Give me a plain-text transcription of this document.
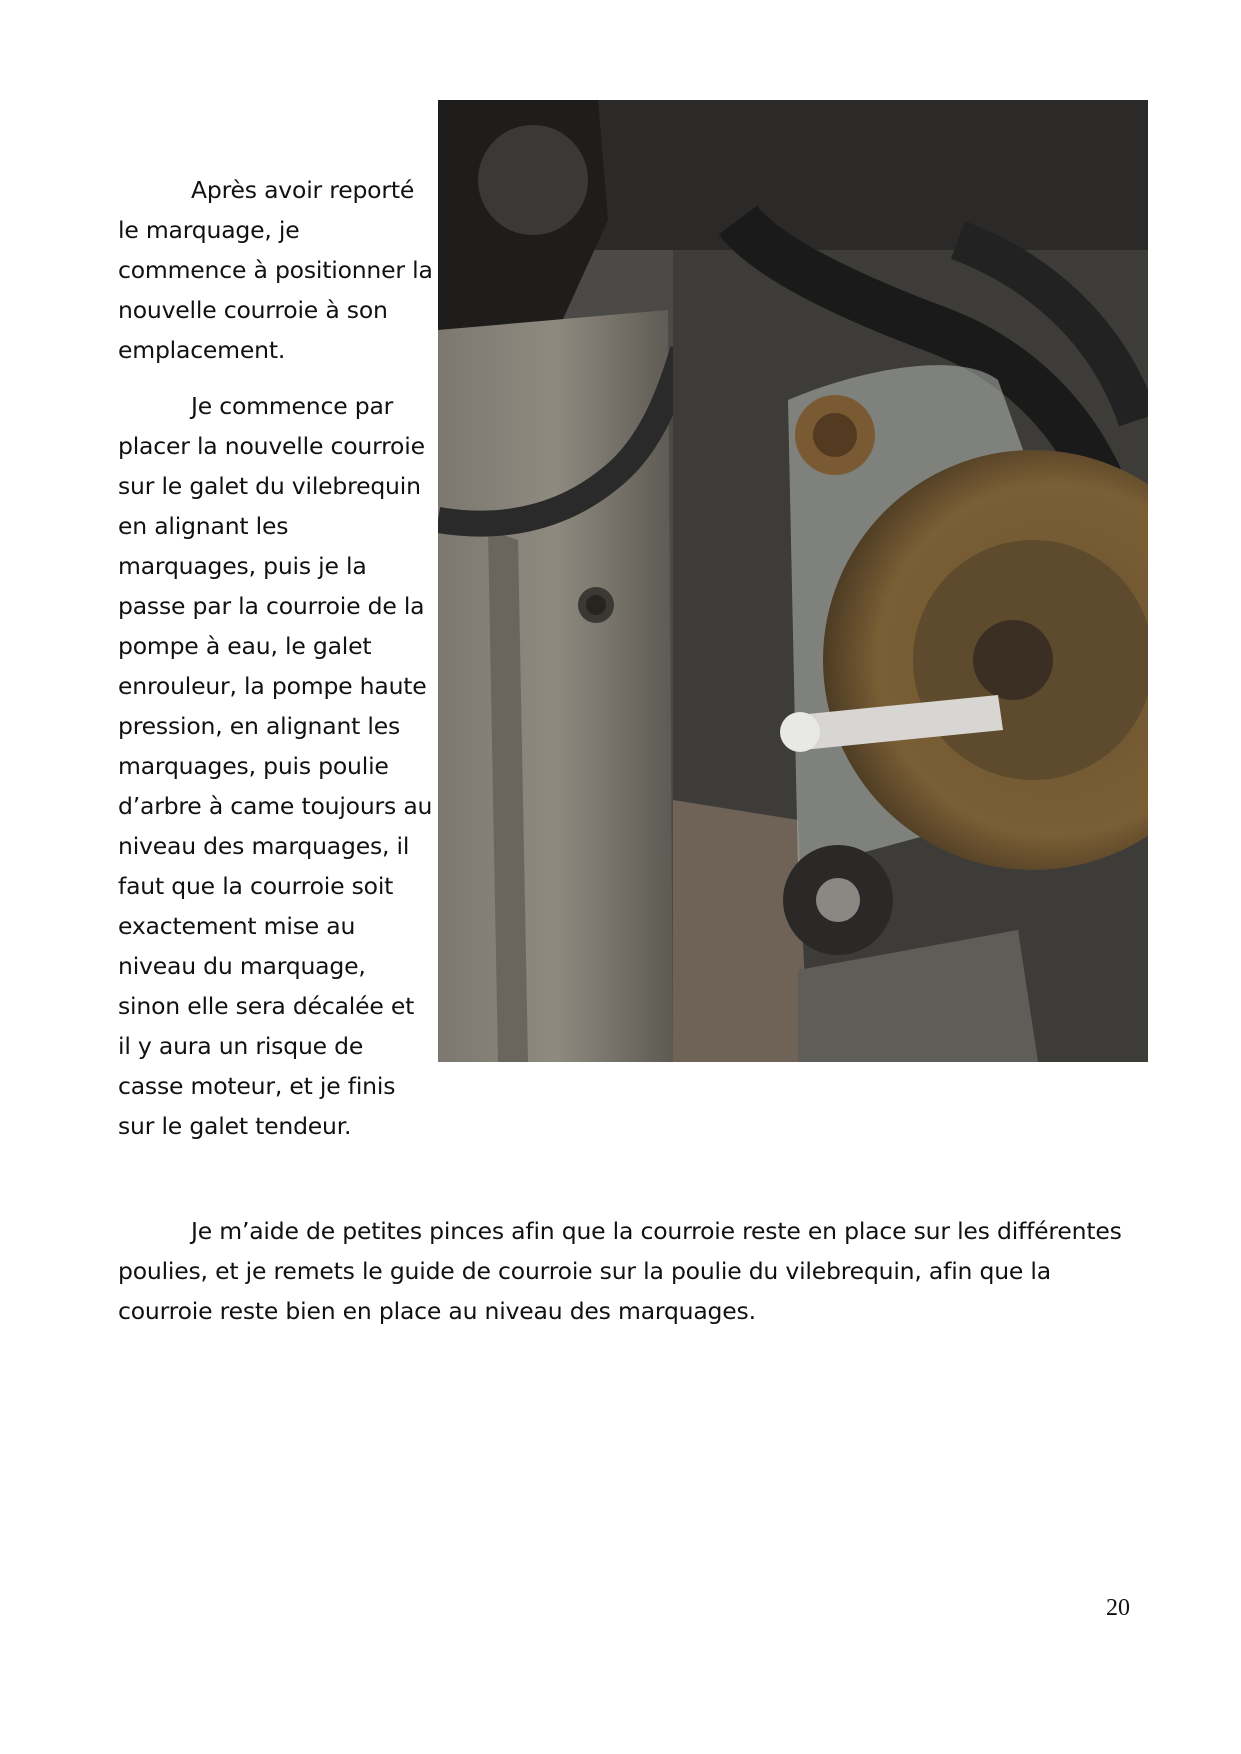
Après avoir reporté le marquage, je commence à positionner la nouvelle courroie à son emplacement.

Je commence par placer la nouvelle courroie sur le galet du vilebrequin en alignant les marquages, puis je la passe par la courroie de la pompe à eau, le galet enrouleur, la pompe haute pression, en alignant les marquages, puis poulie d’arbre à came toujours au niveau des marquages, il faut que la courroie soit exactement mise au niveau du marquage, sinon elle sera décalée et il y aura un risque de casse moteur, et je finis sur le galet tendeur.

Je m’aide de petites pinces afin que la courroie reste en place sur les différentes poulies, et je remets le guide de courroie sur la poulie du vilebrequin, afin que la courroie reste bien en place au niveau des marquages.

20
